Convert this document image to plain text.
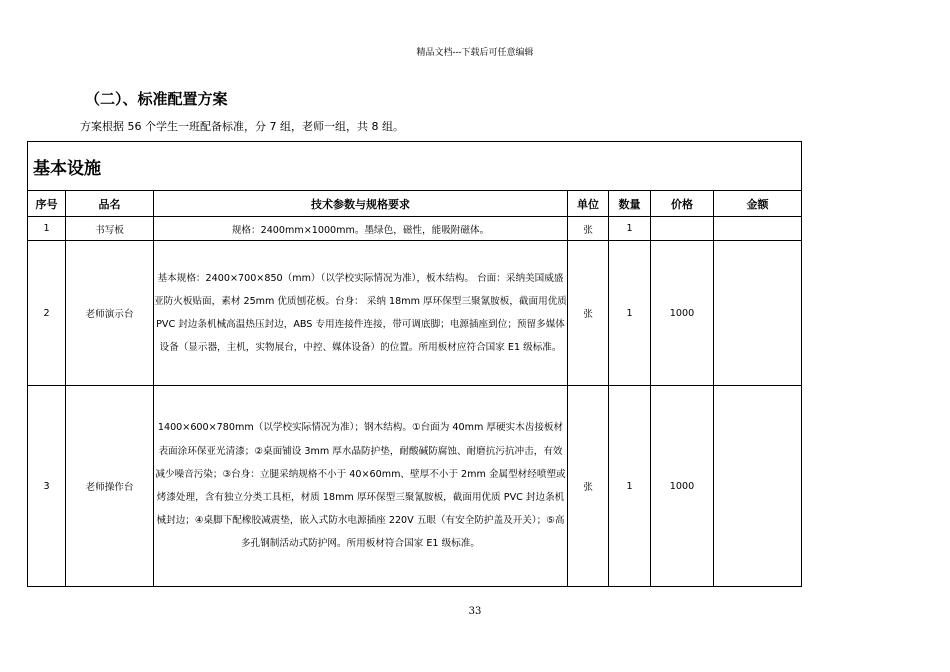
精品文档---下载后可任意编辑
（二）、标准配置方案
方案根据 56 个学生一班配备标准，分 7 组，老师一组，共 8 组。
基本设施						
序号	品名	技术参数与规格要求	单位	数量	价格	金额
1	书写板	规格：2400mm×1000mm。墨绿色，磁性，能吸附磁体。	张	1		
2	老师演示台	基本规格：2400×700×850（mm）（以学校实际情况为准），板木结构。 台面：采纳美国威盛亚防火板贴面，素材 25mm 优质刨花板。台身： 采纳 18mm 厚环保型三聚氰胺板，截面用优质 PVC 封边条机械高温热压封边，ABS 专用连接件连接，带可调底脚；电源插座到位；预留多媒体设备（显示器，主机，实物展台，中控、媒体设备）的位置。所用板材应符合国家 E1 级标准。	张	1	1000	
3	老师操作台	1400×600×780mm（以学校实际情况为准）；钢木结构。①台面为 40mm 厚硬实木齿接板材表面涂环保亚光清漆；②桌面铺设 3mm 厚水晶防护垫，耐酸碱防腐蚀、耐磨抗污抗冲击，有效减少噪音污染；③台身：立腿采纳规格不小于 40×60mm、壁厚不小于 2mm 金属型材经喷塑或烤漆处理，含有独立分类工具柜，材质 18mm 厚环保型三聚氰胺板，截面用优质 PVC 封边条机械封边；④桌脚下配橡胶减震垫，嵌入式防水电源插座 220V 五眼（有安全防护盖及开关）；⑤高多孔钢制活动式防护网。所用板材符合国家 E1 级标准。	张	1	1000	
33
